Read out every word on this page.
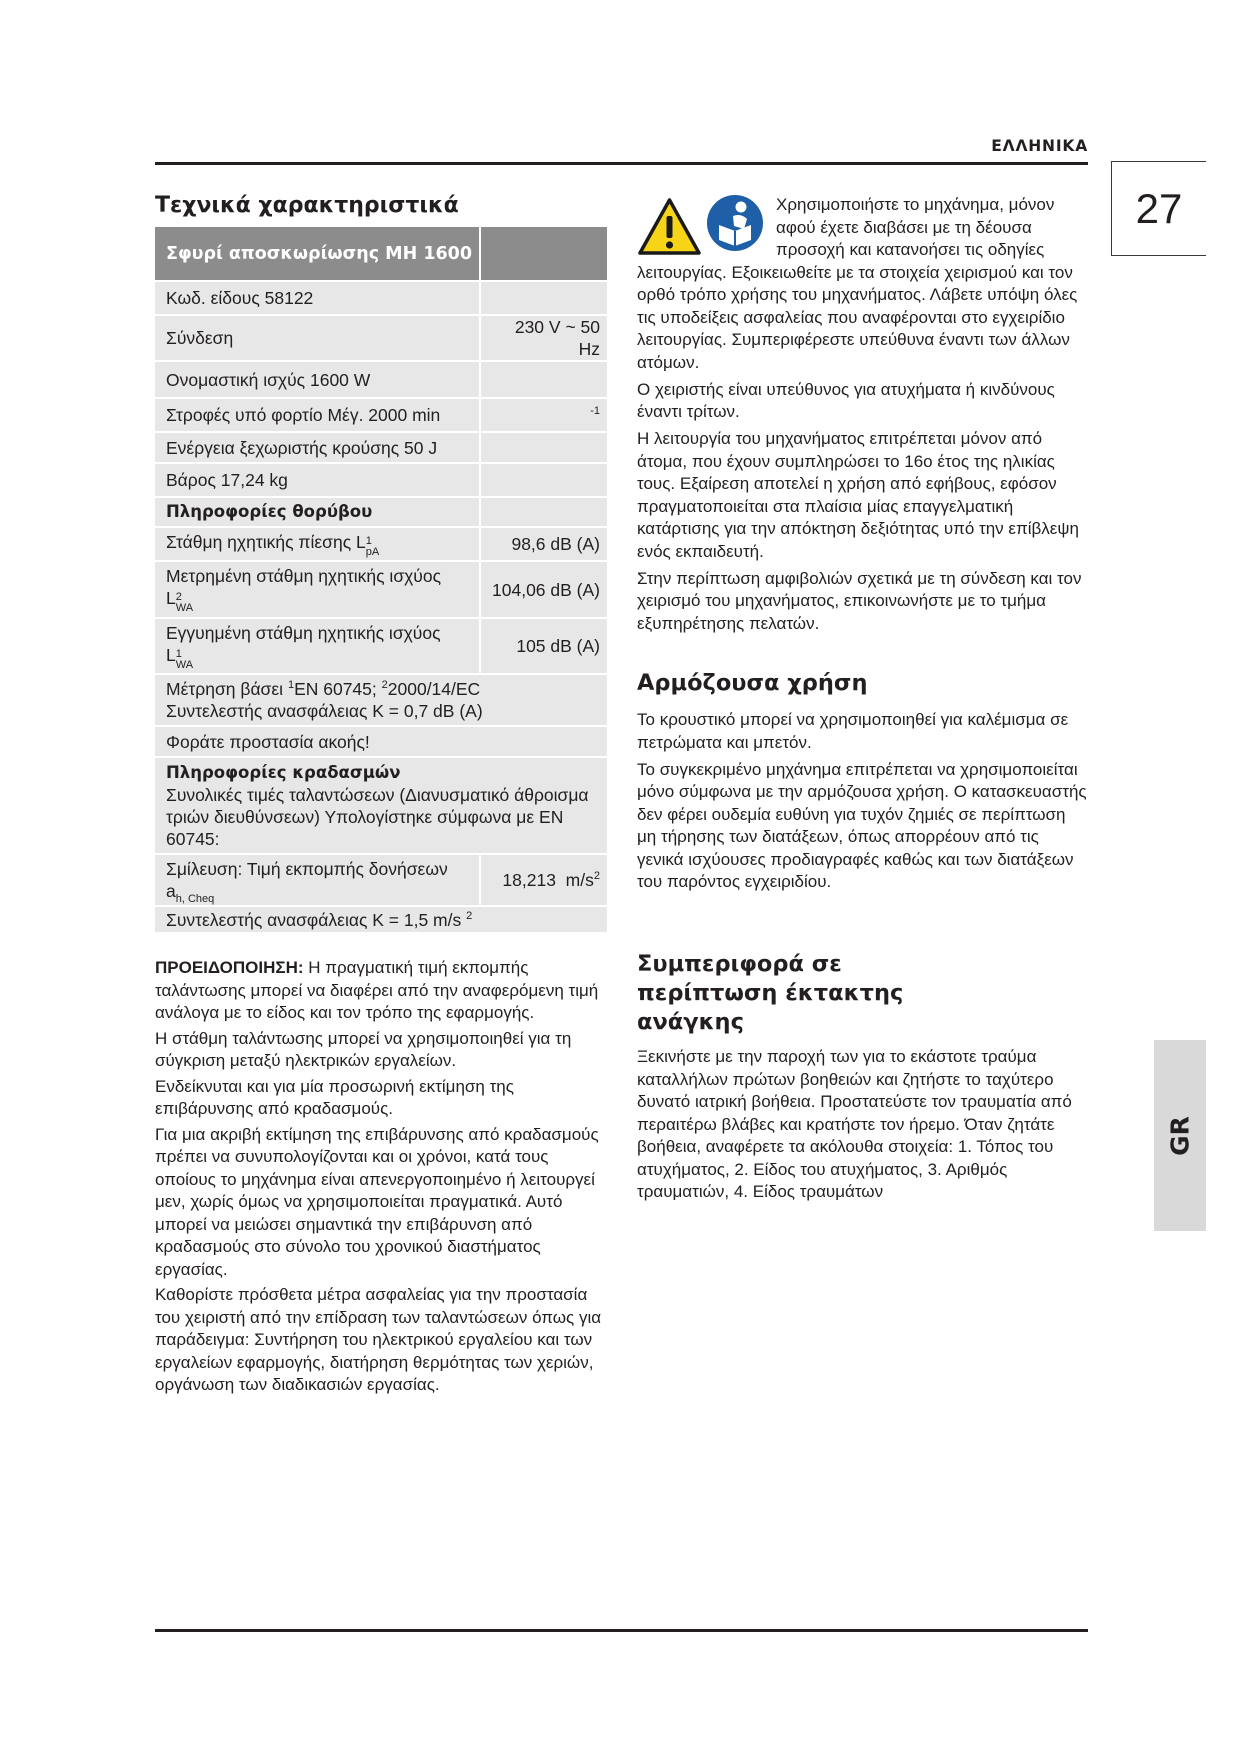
ΕΛΛΗΝΙΚΑ
27
GR
Τεχνικά χαρακτηριστικά
Σφυρί αποσκωρίωσης MH 1600	
Κωδ. είδους 58122	
Σύνδεση	230 V ~ 50 Hz
Ονομαστική ισχύς 1600 W	
Στροφές υπό φορτίο Μέγ. 2000 min	-1
Ενέργεια ξεχωριστής κρούσης 50 J	
Βάρος 17,24 kg	
Πληροφορίες θορύβου	
Στάθμη ηχητικής πίεσης L 1
pA	98,6 dB (A)
Μετρημένη στάθμη ηχητικής ισχύος
L 2
WA	104,06 dB (A)
Εγγυημένη στάθμη ηχητικής ισχύος
L 1
WA	105 dB (A)
Μέτρηση βάσει $^1$EN 60745; $^2$2000/14/EC
Συντελεστής ανασφάλειας K = 0,7 dB (A)	
Φοράτε προστασία ακοής!	

Πληροφορίες κραδασμών
Συνολικές τιμές ταλαντώσεων (Διανυσματικό άθροισμα τριών διευθύνσεων) Υπολογίστηκε σύμφωνα με EN 60745:	

Σμίλευση: Τιμή εκπομπής δονήσεων
$a_{h, Cheq}$	18,213 $m/s^2$
Συντελεστής ανασφάλειας K = 1,5 m/s $^2$

ΠΡΟΕΙΔΟΠΟΙΗΣΗ: Η πραγματική τιμή εκπομπής ταλάντωσης μπορεί να διαφέρει από την αναφερόμενη τιμή ανάλογα με το είδος και τον τρόπο της εφαρμογής.

Η στάθμη ταλάντωσης μπορεί να χρησιμοποιηθεί για τη σύγκριση μεταξύ ηλεκτρικών εργαλείων.

Ενδείκνυται και για μία προσωρινή εκτίμηση της επιβάρυνσης από κραδασμούς.

Για μια ακριβή εκτίμηση της επιβάρυνσης από κραδασμούς πρέπει να συνυπολογίζονται και οι χρόνοι, κατά τους οποίους το μηχάνημα είναι απενεργοποιημένο ή λειτουργεί μεν, χωρίς όμως να χρησιμοποιείται πραγματικά. Αυτό μπορεί να μειώσει σημαντικά την επιβάρυνση από κραδασμούς στο σύνολο του χρονικού διαστήματος εργασίας.

Καθορίστε πρόσθετα μέτρα ασφαλείας για την προστασία του χειριστή από την επίδραση των ταλαντώσεων όπως για παράδειγμα: Συντήρηση του ηλεκτρικού εργαλείου και των εργαλείων εφαρμογής, διατήρηση θερμότητας των χεριών, οργάνωση των διαδικασιών εργασίας.

Χρησιμοποιήστε το μηχάνημα, μόνον αφού έχετε διαβάσει με τη δέουσα προσοχή και κατανοήσει τις οδηγίες λειτουργίας. Εξοικειωθείτε με τα στοιχεία χειρισμού και τον ορθό τρόπο χρήσης του μηχανήματος. Λάβετε υπόψη όλες τις υποδείξεις ασφαλείας που αναφέρονται στο εγχειρίδιο λειτουργίας. Συμπεριφέρεστε υπεύθυνα έναντι των άλλων ατόμων.

Ο χειριστής είναι υπεύθυνος για ατυχήματα ή κινδύνους έναντι τρίτων.

Η λειτουργία του μηχανήματος επιτρέπεται μόνον από άτομα, που έχουν συμπληρώσει το 16ο έτος της ηλικίας τους. Εξαίρεση αποτελεί η χρήση από εφήβους, εφόσον πραγματοποιείται στα πλαίσια μίας επαγγελματική κατάρτισης για την απόκτηση δεξιότητας υπό την επίβλεψη ενός εκπαιδευτή.

Στην περίπτωση αμφιβολιών σχετικά με τη σύνδεση και τον χειρισμό του μηχανήματος, επικοινωνήστε με το τμήμα εξυπηρέτησης πελατών.

Αρμόζουσα χρήση

Το κρουστικό μπορεί να χρησιμοποιηθεί για καλέμισμα σε πετρώματα και μπετόν.

Το συγκεκριμένο μηχάνημα επιτρέπεται να χρησιμοποιείται μόνο σύμφωνα με την αρμόζουσα χρήση. Ο κατασκευαστής δεν φέρει ουδεμία ευθύνη για τυχόν ζημιές σε περίπτωση μη τήρησης των διατάξεων, όπως απορρέουν από τις γενικά ισχύουσες προδιαγραφές καθώς και των διατάξεων του παρόντος εγχειριδίου.

Συμπεριφορά σε περίπτωση έκτακτης ανάγκης

Ξεκινήστε με την παροχή των για το εκάστοτε τραύμα καταλλήλων πρώτων βοηθειών και ζητήστε το ταχύτερο δυνατό ιατρική βοήθεια. Προστατεύστε τον τραυματία από περαιτέρω βλάβες και κρατήστε τον ήρεμο. Όταν ζητάτε βοήθεια, αναφέρετε τα ακόλουθα στοιχεία: 1. Τόπος του ατυχήματος, 2. Είδος του ατυχήματος, 3. Αριθμός τραυματιών, 4. Είδος τραυμάτων
